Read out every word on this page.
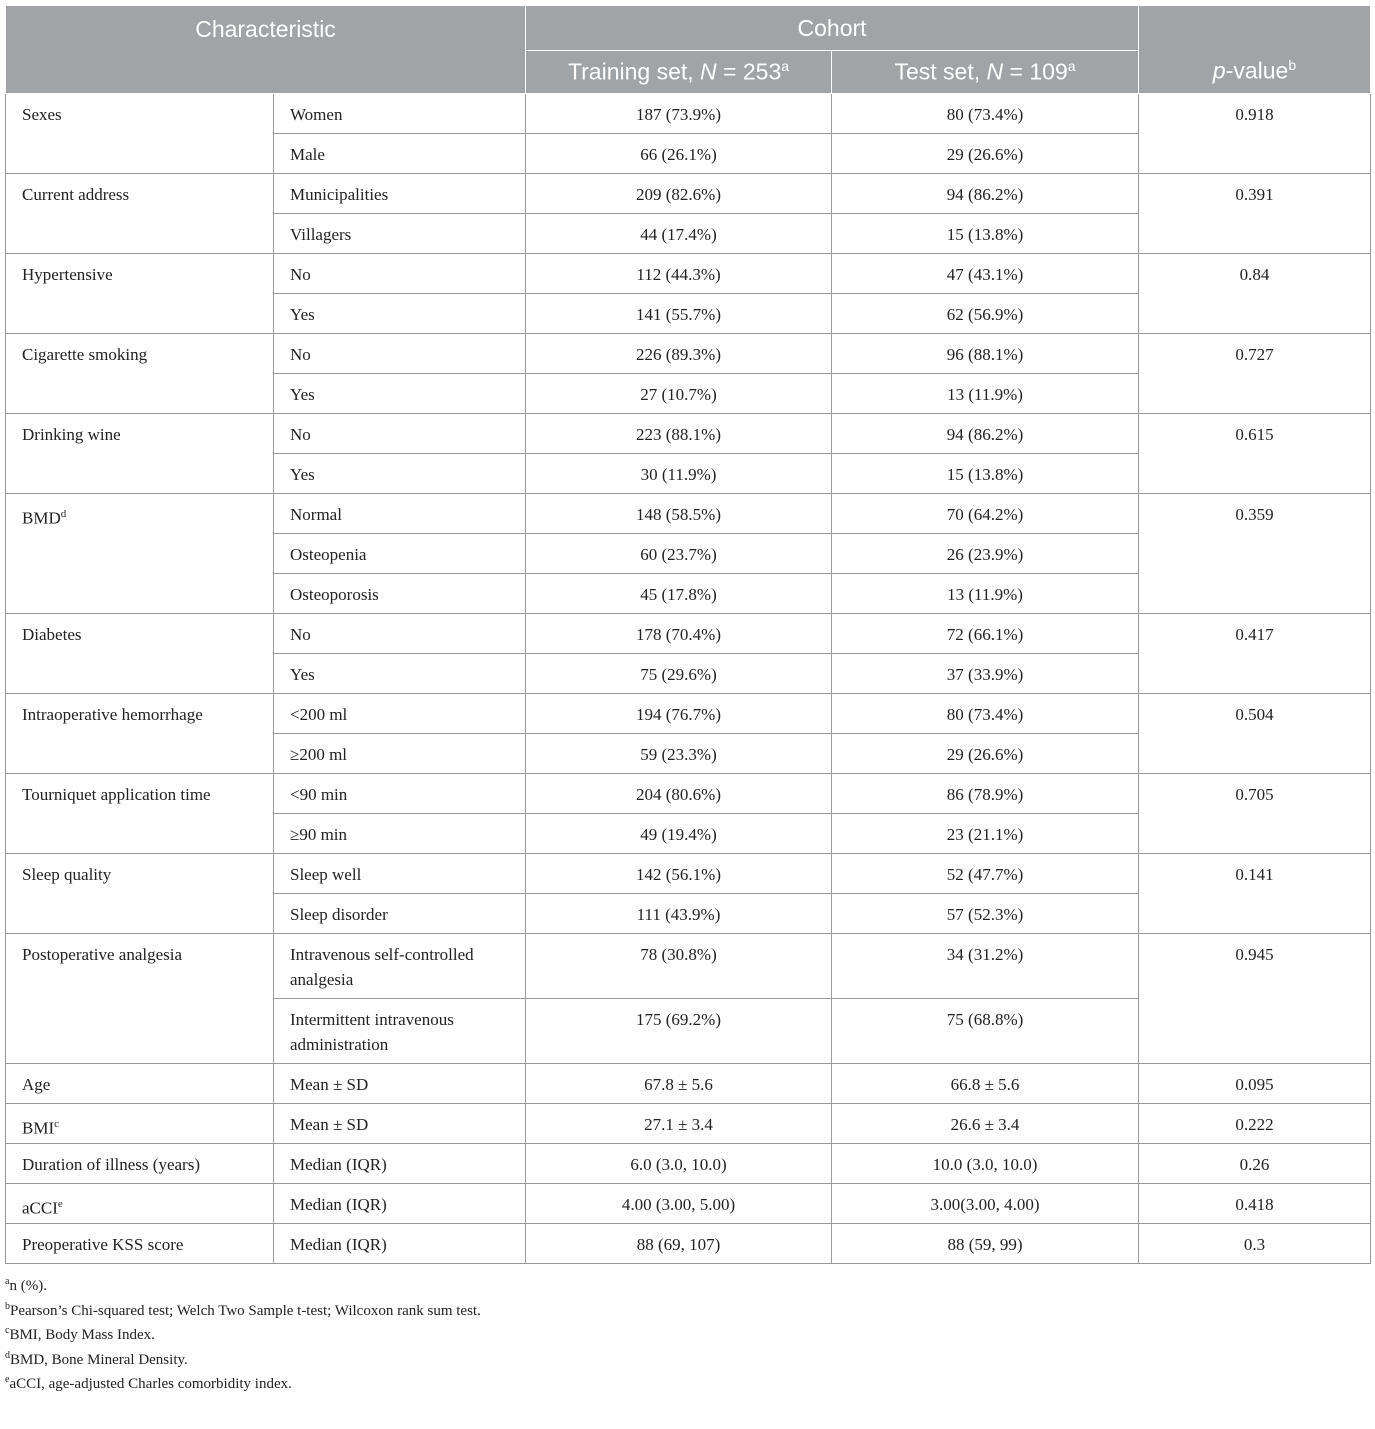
Characteristic		Cohort		p-value$^b$
		Training set, $N = 253^a$	Test set, $N = 109^a$
Sexes	Women	187 (73.9%)	80 (73.4%)	0.918
	Male	66 (26.1%)	29 (26.6%)	
Current address	Municipalities	209 (82.6%)	94 (86.2%)	0.391
	Villagers	44 (17.4%)	15 (13.8%)	
Hypertensive	No	112 (44.3%)	47 (43.1%)	0.84
	Yes	141 (55.7%)	62 (56.9%)	
Cigarette smoking	No	226 (89.3%)	96 (88.1%)	0.727
	Yes	27 (10.7%)	13 (11.9%)	
Drinking wine	No	223 (88.1%)	94 (86.2%)	0.615
	Yes	30 (11.9%)	15 (13.8%)	
BMD$^d$	Normal	148 (58.5%)	70 (64.2%)	0.359
	Osteopenia	60 (23.7%)	26 (23.9%)	
	Osteoporosis	45 (17.8%)	13 (11.9%)	
Diabetes	No	178 (70.4%)	72 (66.1%)	0.417
	Yes	75 (29.6%)	37 (33.9%)	
Intraoperative hemorrhage	<200 ml	194 (76.7%)	80 (73.4%)	0.504
	≥200 ml	59 (23.3%)	29 (26.6%)	
Tourniquet application time	<90 min	204 (80.6%)	86 (78.9%)	0.705
	≥90 min	49 (19.4%)	23 (21.1%)	
Sleep quality	Sleep well	142 (56.1%)	52 (47.7%)	0.141
	Sleep disorder	111 (43.9%)	57 (52.3%)	
Postoperative analgesia	Intravenous self-controlled analgesia	78 (30.8%)	34 (31.2%)	0.945
	Intermittent intravenous administration	175 (69.2%)	75 (68.8%)	
Age	Mean ± SD	67.8 ± 5.6	66.8 ± 5.6	0.095
BMI$^c$	Mean ± SD	27.1 ± 3.4	26.6 ± 3.4	0.222
Duration of illness (years)	Median (IQR)	6.0 (3.0, 10.0)	10.0 (3.0, 10.0)	0.26
aCCI$^e$	Median (IQR)	4.00 (3.00, 5.00)	3.00(3.00, 4.00)	0.418
Preoperative KSS score	Median (IQR)	88 (69, 107)	88 (59, 99)	0.3
$^a$n (%).
$^b$Pearson’s Chi-squared test; Welch Two Sample t-test; Wilcoxon rank sum test.
$^c$BMI, Body Mass Index.
$^d$BMD, Bone Mineral Density.
$^e$aCCI, age-adjusted Charles comorbidity index.
